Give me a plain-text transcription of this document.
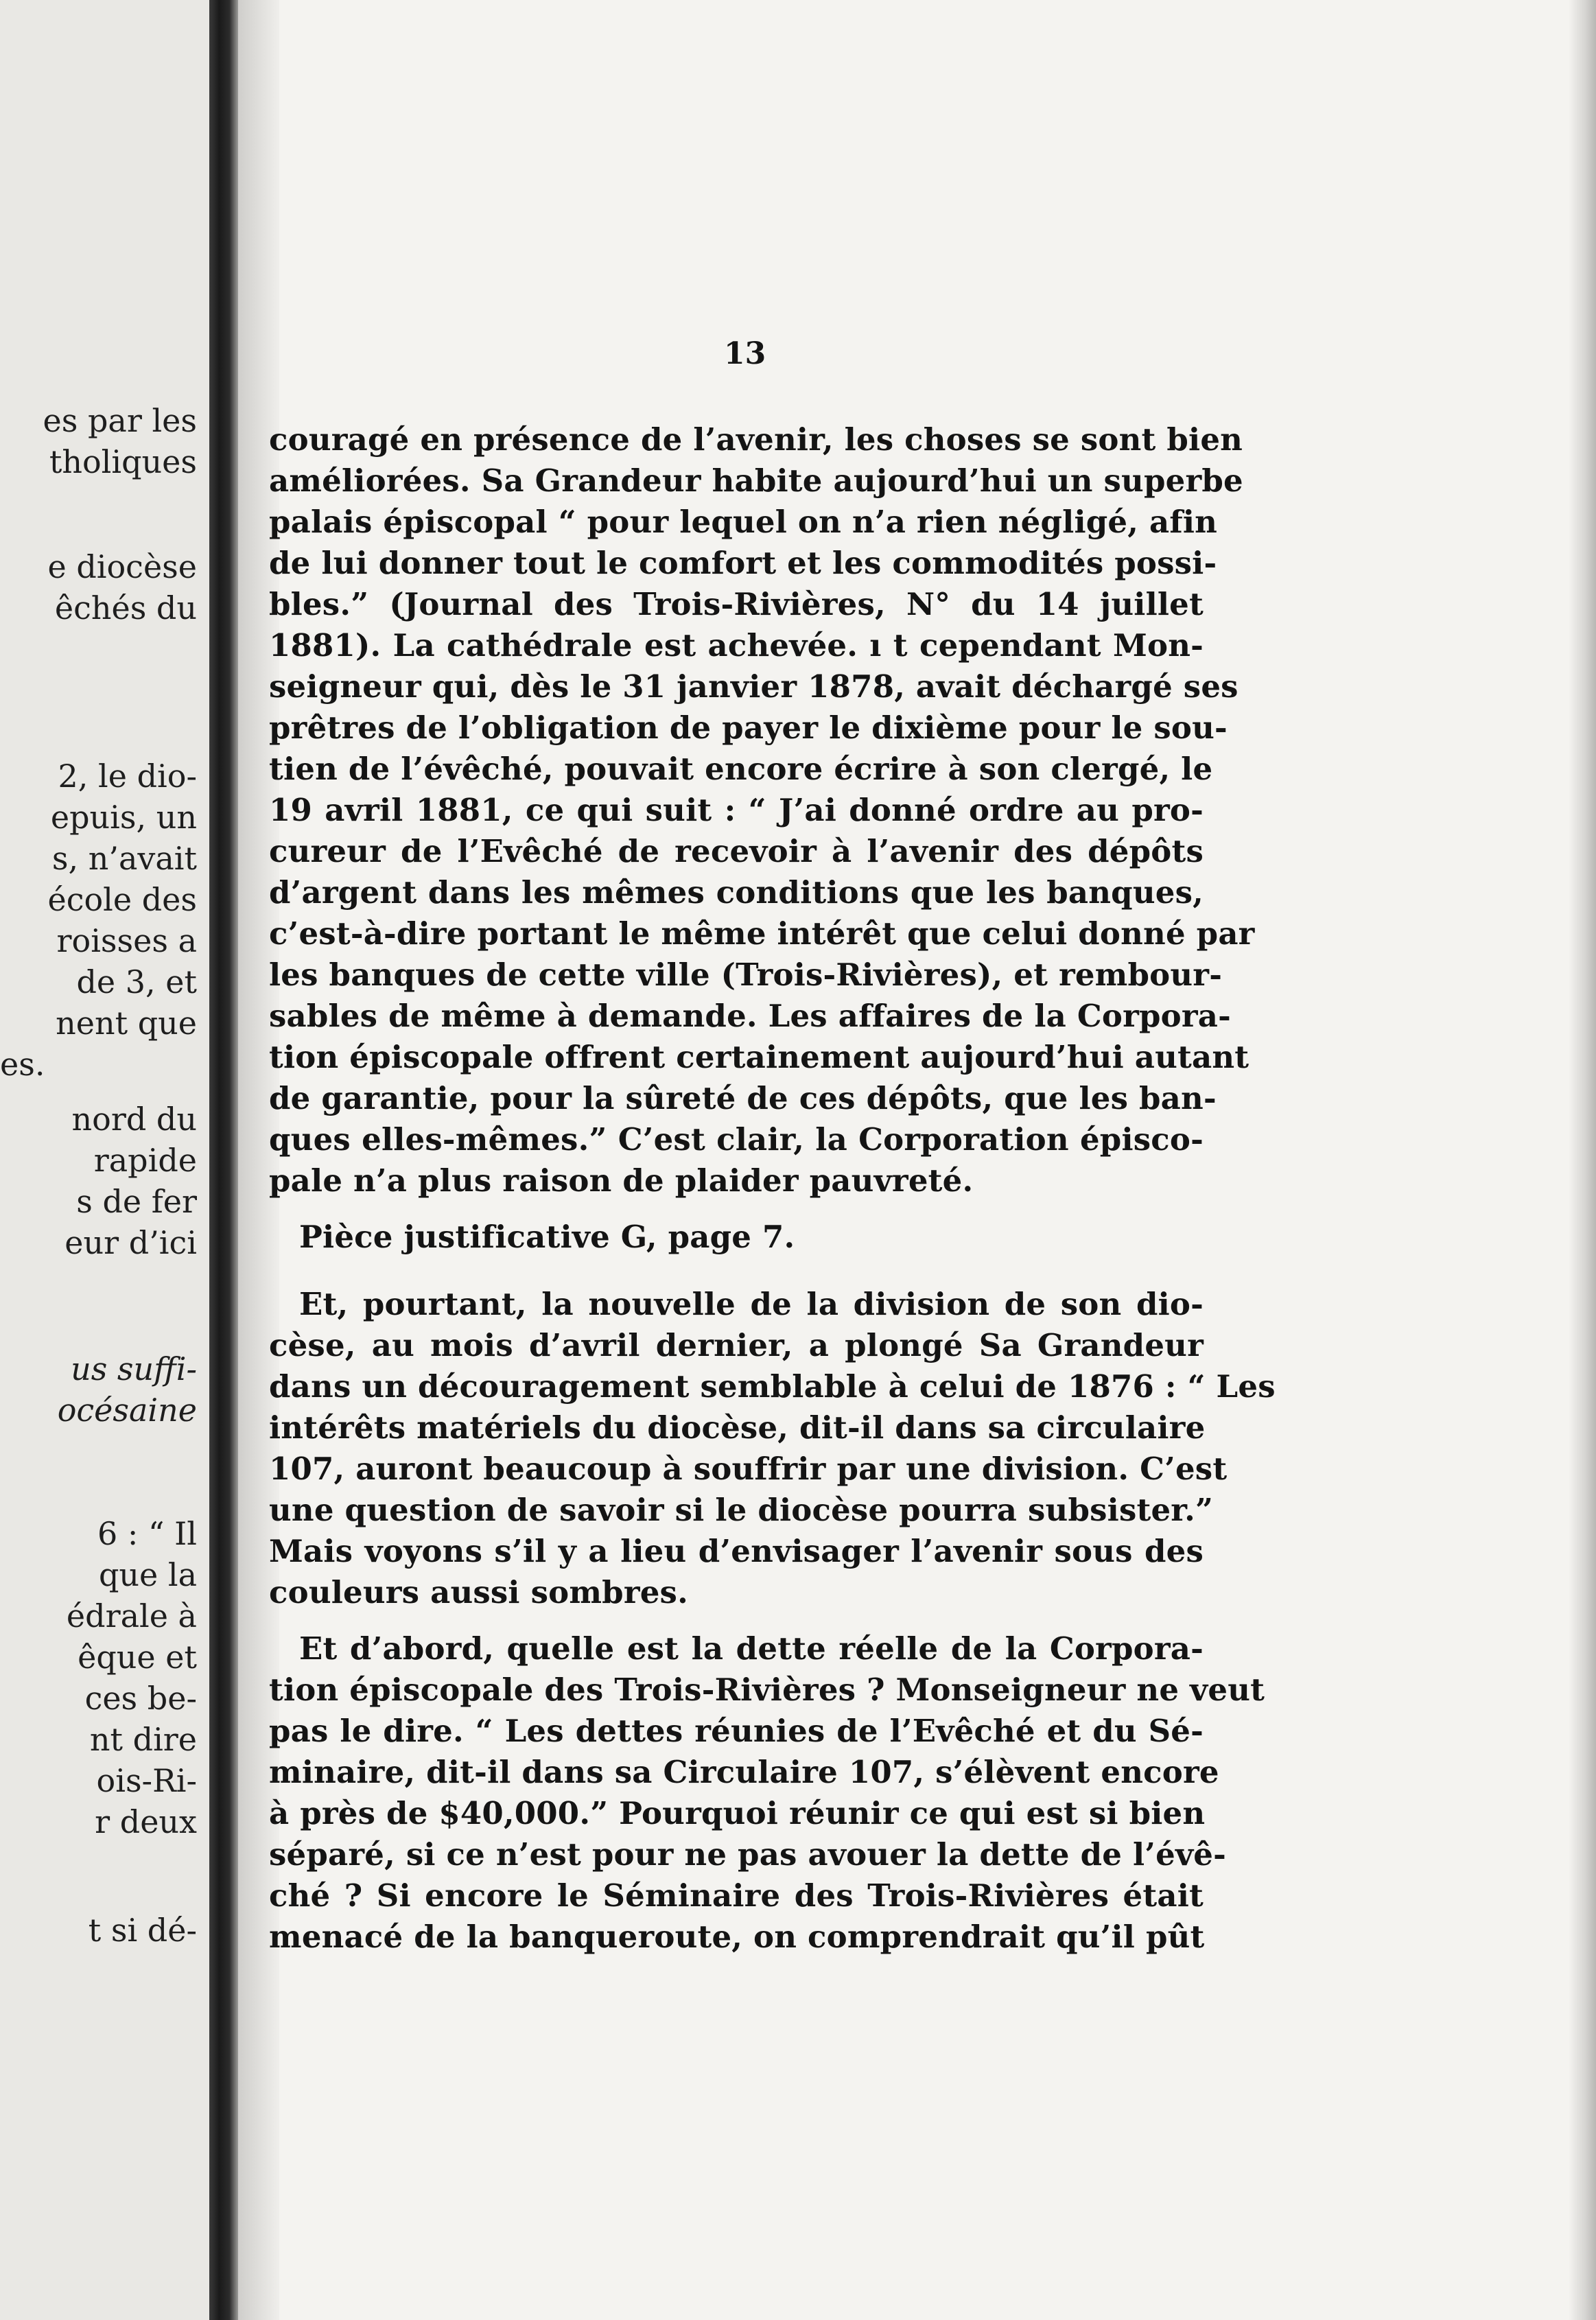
es par les
tholiques
e diocèse
êchés du
2, le dio-
epuis, un
s, n’avait
école des
roisses a
de 3, et
nent que
es.
nord du
rapide
s de fer
eur d’ici
us suffi-
océsaine
6 : “ Il
que la
édrale à
êque et
ces be-
nt dire
ois-Ri-
r deux
t si dé-
13
couragé en présence de l’avenir, les choses se sont bien
améliorées. Sa Grandeur habite aujourd’hui un superbe
palais épiscopal “ pour lequel on n’a rien négligé, afin
de lui donner tout le comfort et les commodités possi-
bles.” (Journal des Trois-Rivières, N° du 14 juillet
1881). La cathédrale est achevée. ı t cependant Mon-
seigneur qui, dès le 31 janvier 1878, avait déchargé ses
prêtres de l’obligation de payer le dixième pour le sou-
tien de l’évêché, pouvait encore écrire à son clergé, le
19 avril 1881, ce qui suit : “ J’ai donné ordre au pro-
cureur de l’Evêché de recevoir à l’avenir des dépôts
d’argent dans les mêmes conditions que les banques,
c’est-à-dire portant le même intérêt que celui donné par
les banques de cette ville (Trois-Rivières), et rembour-
sables de même à demande. Les affaires de la Corpora-
tion épiscopale offrent certainement aujourd’hui autant
de garantie, pour la sûreté de ces dépôts, que les ban-
ques elles-mêmes.” C’est clair, la Corporation épisco-
pale n’a plus raison de plaider pauvreté.
Pièce justificative G, page 7.
Et, pourtant, la nouvelle de la division de son dio-
cèse, au mois d’avril dernier, a plongé Sa Grandeur
dans un découragement semblable à celui de 1876 : “ Les
intérêts matériels du diocèse, dit-il dans sa circulaire
107, auront beaucoup à souffrir par une division. C’est
une question de savoir si le diocèse pourra subsister.”
Mais voyons s’il y a lieu d’envisager l’avenir sous des
couleurs aussi sombres.
Et d’abord, quelle est la dette réelle de la Corpora-
tion épiscopale des Trois-Rivières ? Monseigneur ne veut
pas le dire. “ Les dettes réunies de l’Evêché et du Sé-
minaire, dit-il dans sa Circulaire 107, s’élèvent encore
à près de $40,000.” Pourquoi réunir ce qui est si bien
séparé, si ce n’est pour ne pas avouer la dette de l’évê-
ché ? Si encore le Séminaire des Trois-Rivières était
menacé de la banqueroute, on comprendrait qu’il pût
